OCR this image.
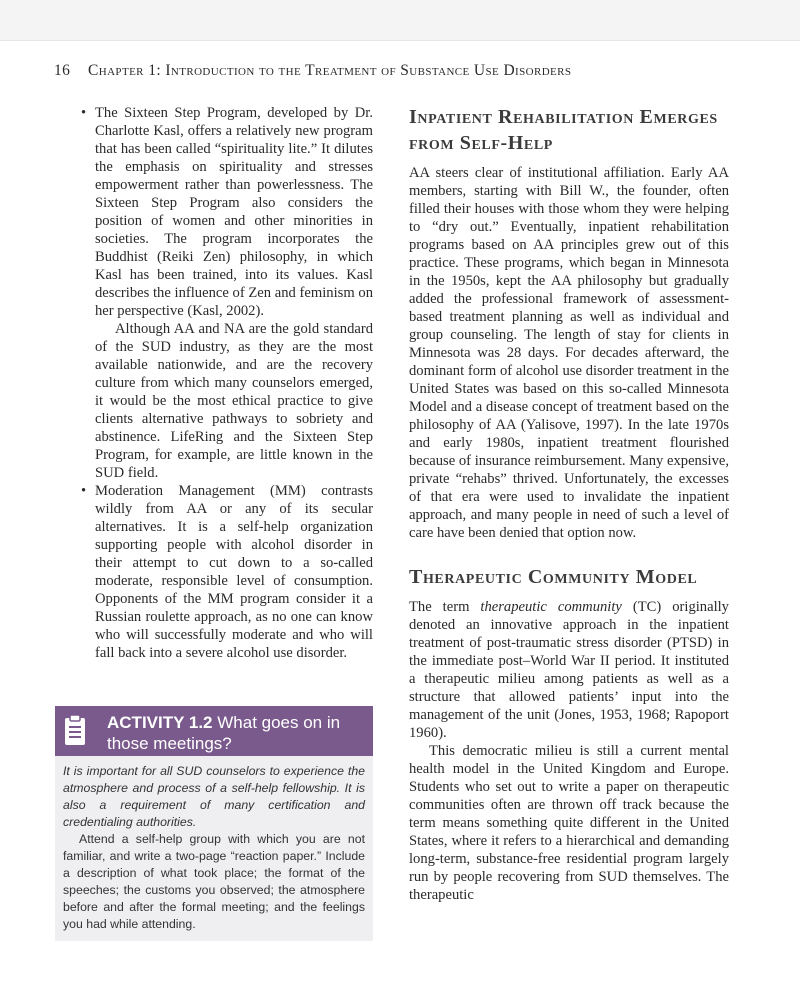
16 Chapter 1: Introduction to the Treatment of Substance Use Disorders
• The Sixteen Step Program, developed by Dr. Charlotte Kasl, offers a relatively new program that has been called “spirituality lite.” It dilutes the emphasis on spirituality and stresses empowerment rather than powerlessness. The Sixteen Step Program also considers the position of women and other minorities in societies. The program incorporates the Buddhist (Reiki Zen) philosophy, in which Kasl has been trained, into its values. Kasl describes the influence of Zen and feminism on her perspective (Kasl, 2002).

Although AA and NA are the gold standard of the SUD industry, as they are the most available nationwide, and are the recovery culture from which many counselors emerged, it would be the most ethical practice to give clients alternative pathways to sobriety and abstinence. LifeRing and the Sixteen Step Program, for example, are little known in the SUD field.

• Moderation Management (MM) contrasts wildly from AA or any of its secular alternatives. It is a self-help organization supporting people with alcohol disorder in their attempt to cut down to a so-called moderate, responsible level of consumption. Opponents of the MM program consider it a Russian roulette approach, as no one can know who will successfully moderate and who will fall back into a severe alcohol use disorder.

ACTIVITY 1.2 What goes on in those meetings?

It is important for all SUD counselors to experience the atmosphere and process of a self-help fellowship. It is also a requirement of many certification and credentialing authorities.

Attend a self-help group with which you are not familiar, and write a two-page “reaction paper.” Include a description of what took place; the format of the speeches; the customs you observed; the atmosphere before and after the formal meeting; and the feelings you had while attending.

Inpatient Rehabilitation Emerges from Self-Help

AA steers clear of institutional affiliation. Early AA members, starting with Bill W., the founder, often filled their houses with those whom they were helping to “dry out.” Eventually, inpatient rehabilitation programs based on AA principles grew out of this practice. These programs, which began in Minnesota in the 1950s, kept the AA philosophy but gradually added the professional framework of assessment-based treatment planning as well as individual and group counseling. The length of stay for clients in Minnesota was 28 days. For decades afterward, the dominant form of alcohol use disorder treatment in the United States was based on this so-called Minnesota Model and a disease concept of treatment based on the philosophy of AA (Yalisove, 1997). In the late 1970s and early 1980s, inpatient treatment flourished because of insurance reimbursement. Many expensive, private “rehabs” thrived. Unfortunately, the excesses of that era were used to invalidate the inpatient approach, and many people in need of such a level of care have been denied that option now.

Therapeutic Community Model

The term therapeutic community (TC) originally denoted an innovative approach in the inpatient treatment of post-traumatic stress disorder (PTSD) in the immediate post–World War II period. It instituted a therapeutic milieu among patients as well as a structure that allowed patients’ input into the management of the unit (Jones, 1953, 1968; Rapoport 1960).

This democratic milieu is still a current mental health model in the United Kingdom and Europe. Students who set out to write a paper on therapeutic communities often are thrown off track because the term means something quite different in the United States, where it refers to a hierarchical and demanding long-term, substance-free residential program largely run by people recovering from SUD themselves. The therapeutic
